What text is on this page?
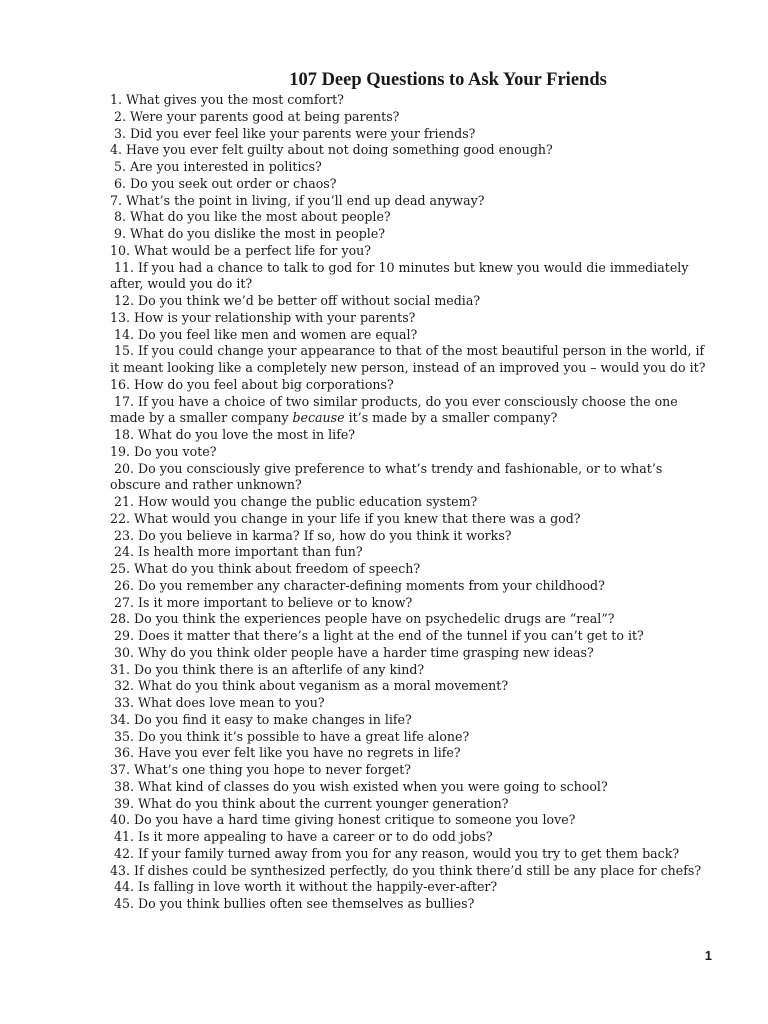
107 Deep Questions to Ask Your Friends
1. What gives you the most comfort?
2. Were your parents good at being parents?
3. Did you ever feel like your parents were your friends?
4. Have you ever felt guilty about not doing something good enough?
5. Are you interested in politics?
6. Do you seek out order or chaos?
7. What’s the point in living, if you’ll end up dead anyway?
8. What do you like the most about people?
9. What do you dislike the most in people?
10. What would be a perfect life for you?
11. If you had a chance to talk to god for 10 minutes but knew you would die immediately after, would you do it?
12. Do you think we’d be better off without social media?
13. How is your relationship with your parents?
14. Do you feel like men and women are equal?
15. If you could change your appearance to that of the most beautiful person in the world, if it meant looking like a completely new person, instead of an improved you – would you do it?
16. How do you feel about big corporations?
17. If you have a choice of two similar products, do you ever consciously choose the one made by a smaller company because it’s made by a smaller company?
18. What do you love the most in life?
19. Do you vote?
20. Do you consciously give preference to what’s trendy and fashionable, or to what’s obscure and rather unknown?
21. How would you change the public education system?
22. What would you change in your life if you knew that there was a god?
23. Do you believe in karma? If so, how do you think it works?
24. Is health more important than fun?
25. What do you think about freedom of speech?
26. Do you remember any character-defining moments from your childhood?
27. Is it more important to believe or to know?
28. Do you think the experiences people have on psychedelic drugs are “real”?
29. Does it matter that there’s a light at the end of the tunnel if you can’t get to it?
30. Why do you think older people have a harder time grasping new ideas?
31. Do you think there is an afterlife of any kind?
32. What do you think about veganism as a moral movement?
33. What does love mean to you?
34. Do you find it easy to make changes in life?
35. Do you think it’s possible to have a great life alone?
36. Have you ever felt like you have no regrets in life?
37. What’s one thing you hope to never forget?
38. What kind of classes do you wish existed when you were going to school?
39. What do you think about the current younger generation?
40. Do you have a hard time giving honest critique to someone you love?
41. Is it more appealing to have a career or to do odd jobs?
42. If your family turned away from you for any reason, would you try to get them back?
43. If dishes could be synthesized perfectly, do you think there’d still be any place for chefs?
44. Is falling in love worth it without the happily-ever-after?
45. Do you think bullies often see themselves as bullies?
1
